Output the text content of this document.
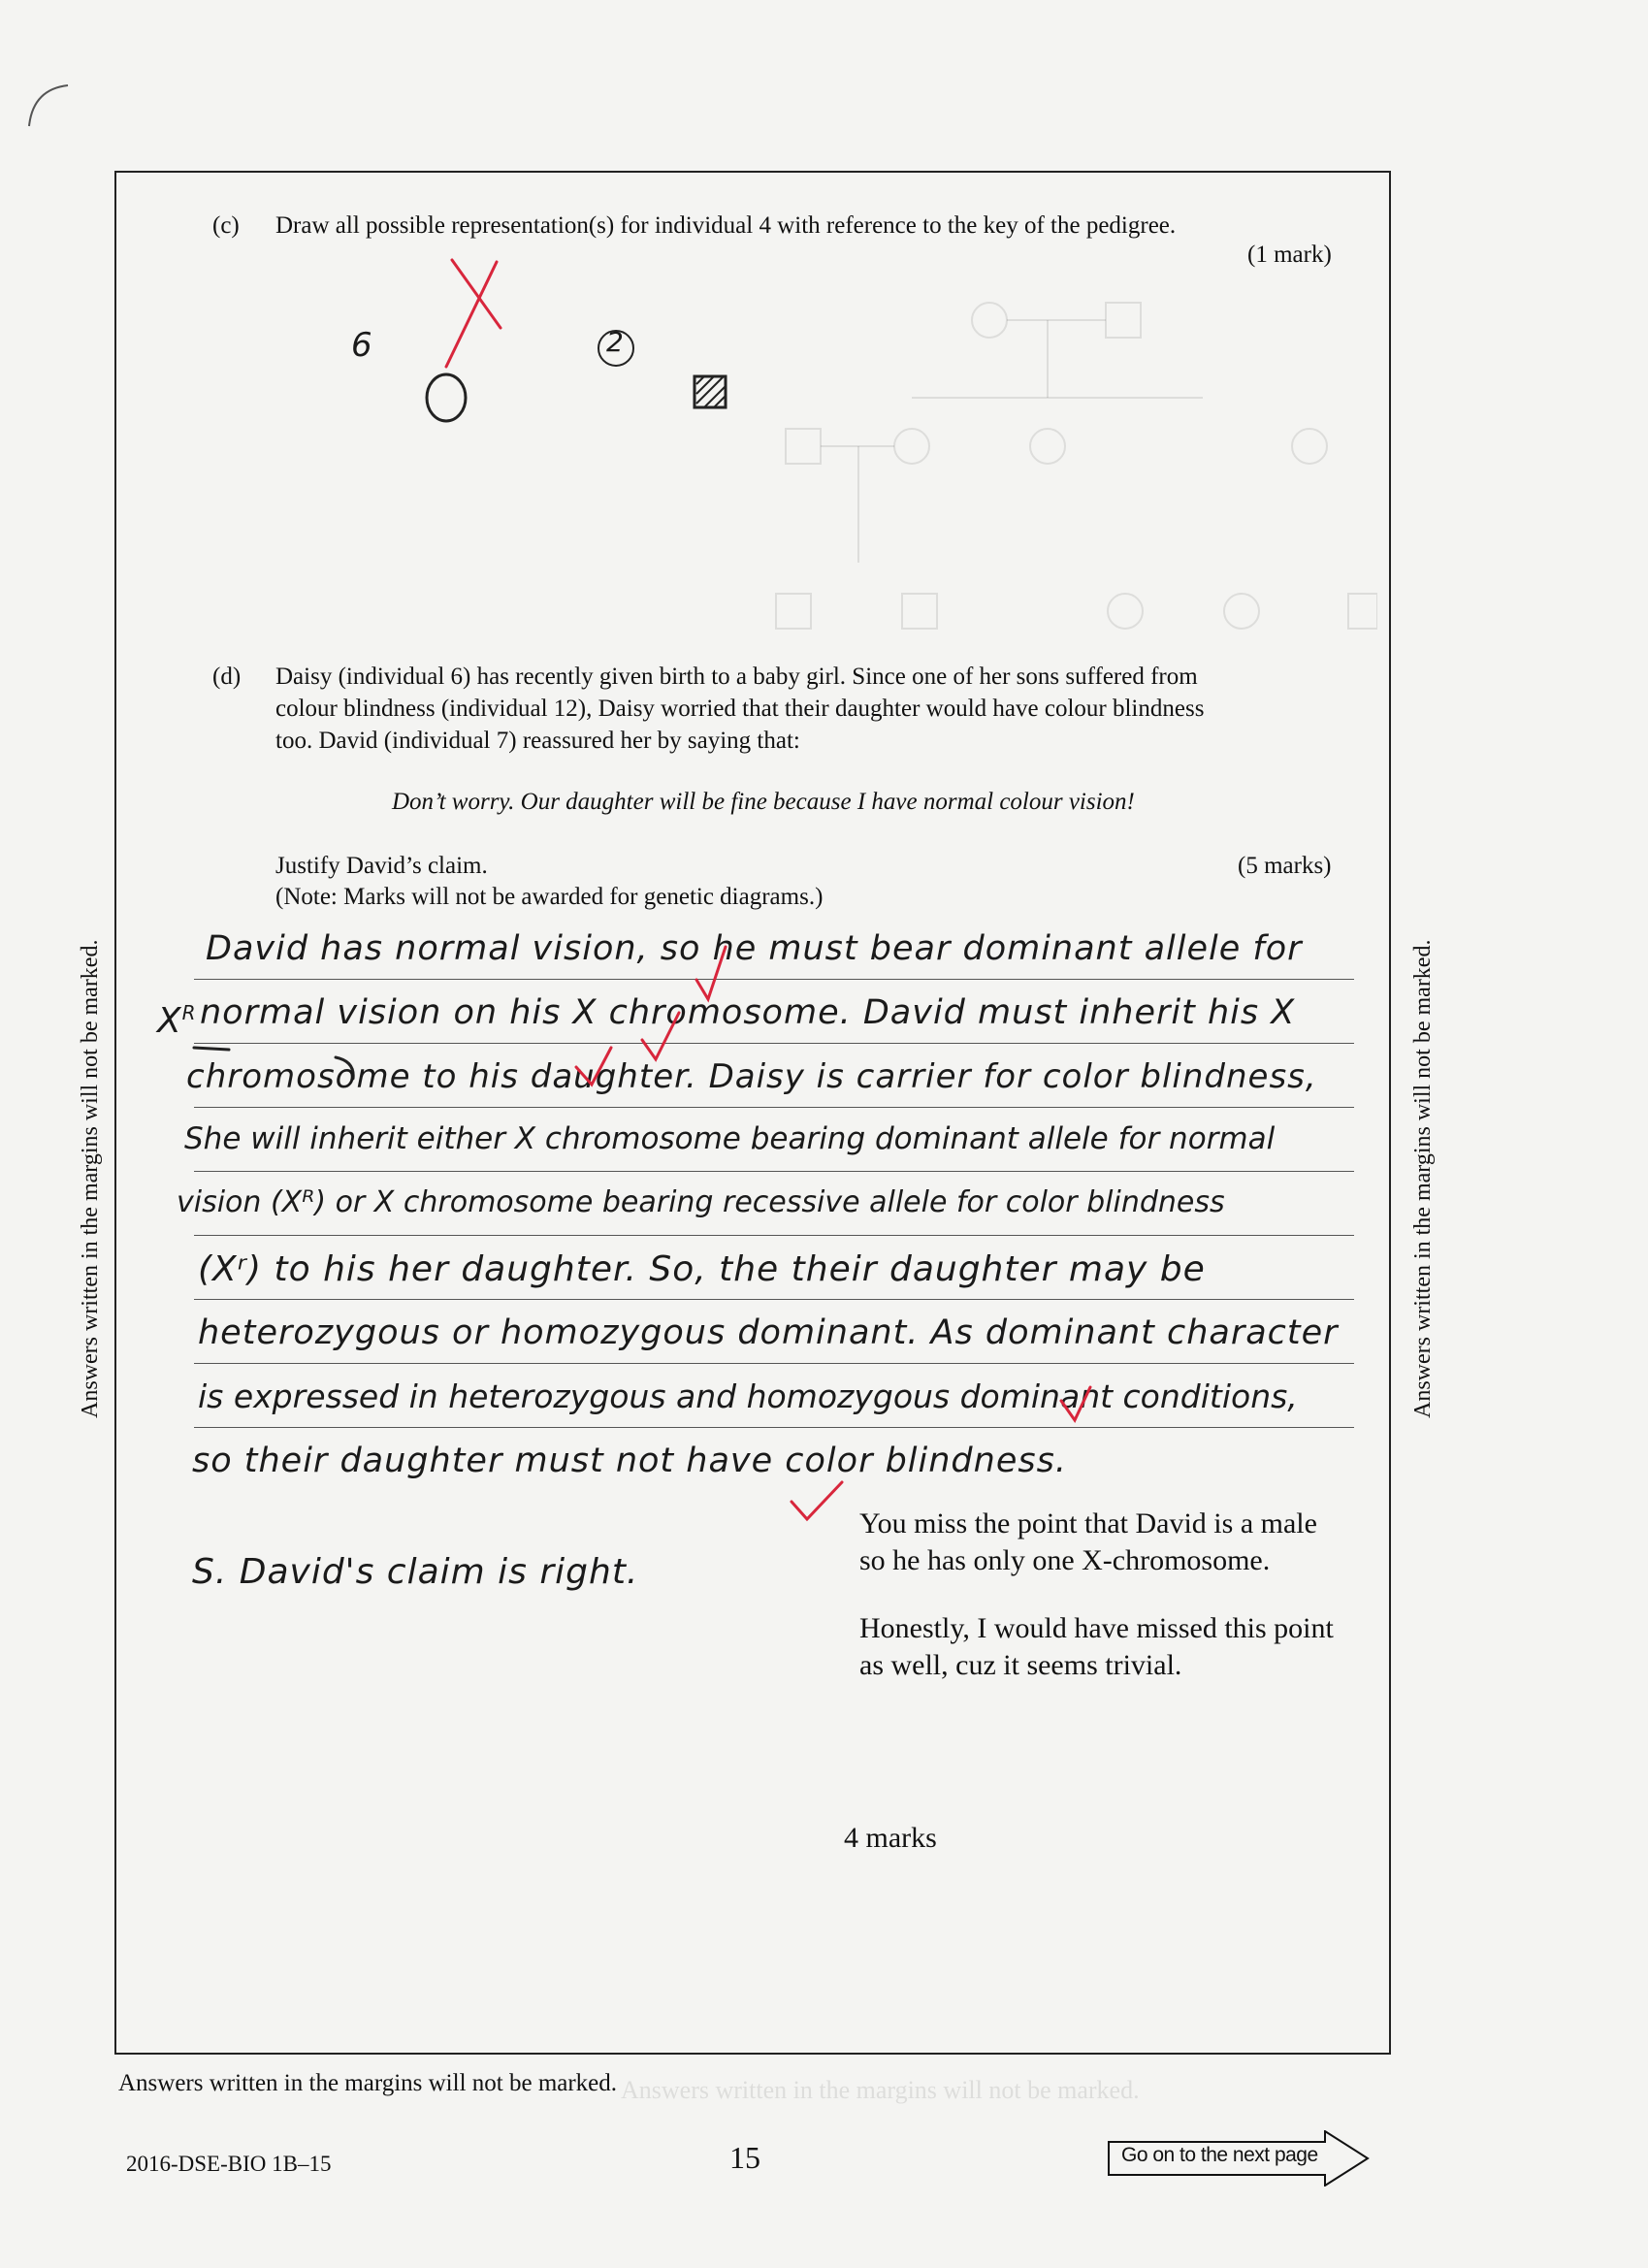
Answers written in the margins will not be marked.
Answers written in the margins will not be marked.	Answers written in the margins will not be marked.
(c) Draw all possible representation(s) for individual 4 with reference to the key of the pedigree.
(1 mark)
6	2
(d) Daisy (individual 6) has recently given birth to a baby girl. Since one of her sons suffered from
colour blindness (individual 12), Daisy worried that their daughter would have colour blindness
too. David (individual 7) reassured her by saying that:
Don’t worry. Our daughter will be fine because I have normal colour vision!
Justify David’s claim.	(5 marks)
(Note: Marks will not be awarded for genetic diagrams.)
$X^R$
David has normal vision, so he must bear dominant allele for
normal vision on his X chromosome. David must inherit his X
chromosome to his daughter. Daisy is carrier for color blindness,
She will inherit either X chromosome bearing dominant allele for normal
vision (Xᴿ) or X chromosome bearing recessive allele for color blindness
(Xʳ) to his her daughter. So, the their daughter may be
heterozygous or homozygous dominant. As dominant character
is expressed in heterozygous and homozygous dominant conditions,
so their daughter must not have color blindness.
S. David's claim is right.
You miss the point that David is a male
so he has only one X-chromosome.
Honestly, I would have missed this point
as well, cuz it seems trivial.
4 marks
Answers written in the margins will not be marked.
2016-DSE-BIO 1B–15	15	Go on to the next page
